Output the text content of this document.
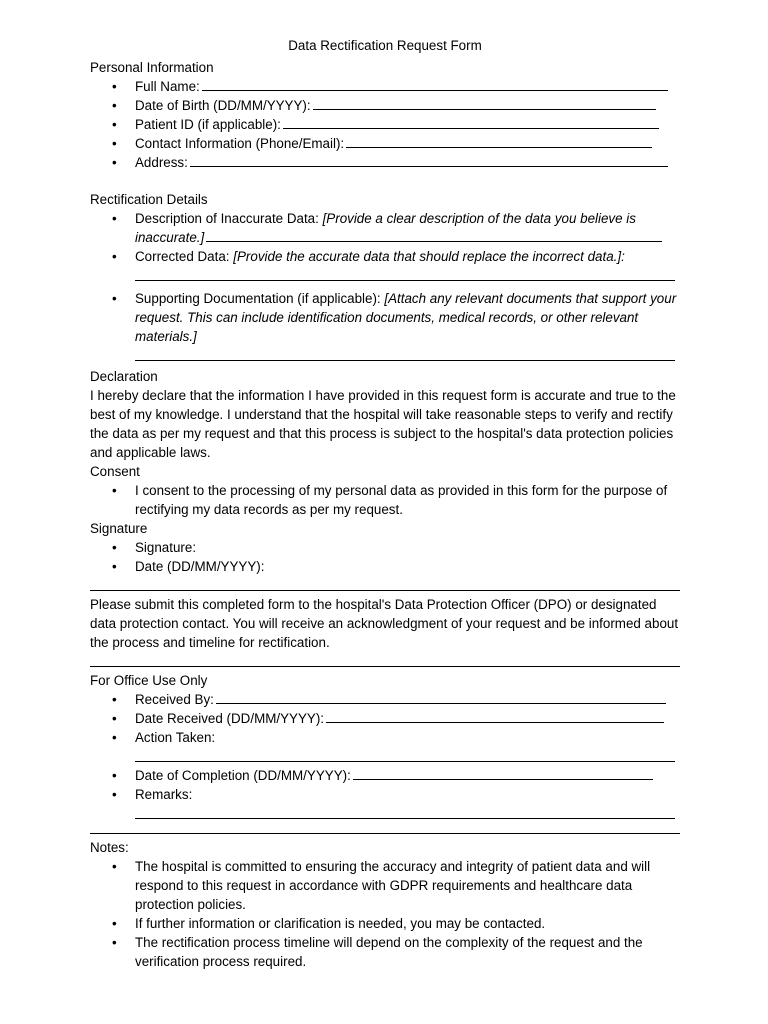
Data Rectification Request Form
Personal Information
• Full Name:
• Date of Birth (DD/MM/YYYY):
• Patient ID (if applicable):
• Contact Information (Phone/Email):
• Address:
Rectification Details
• Description of Inaccurate Data: [Provide a clear description of the data you believe is inaccurate.]
• Corrected Data: [Provide the accurate data that should replace the incorrect data.]:
• Supporting Documentation (if applicable): [Attach any relevant documents that support your request. This can include identification documents, medical records, or other relevant materials.]
Declaration
I hereby declare that the information I have provided in this request form is accurate and true to the best of my knowledge. I understand that the hospital will take reasonable steps to verify and rectify the data as per my request and that this process is subject to the hospital's data protection policies and applicable laws.
Consent
• I consent to the processing of my personal data as provided in this form for the purpose of rectifying my data records as per my request.
Signature
• Signature:
• Date (DD/MM/YYYY):
Please submit this completed form to the hospital's Data Protection Officer (DPO) or designated data protection contact. You will receive an acknowledgment of your request and be informed about the process and timeline for rectification.
For Office Use Only
• Received By:
• Date Received (DD/MM/YYYY):
• Action Taken:
• Date of Completion (DD/MM/YYYY):
• Remarks:
Notes:
• The hospital is committed to ensuring the accuracy and integrity of patient data and will respond to this request in accordance with GDPR requirements and healthcare data protection policies.
• If further information or clarification is needed, you may be contacted.
• The rectification process timeline will depend on the complexity of the request and the verification process required.
